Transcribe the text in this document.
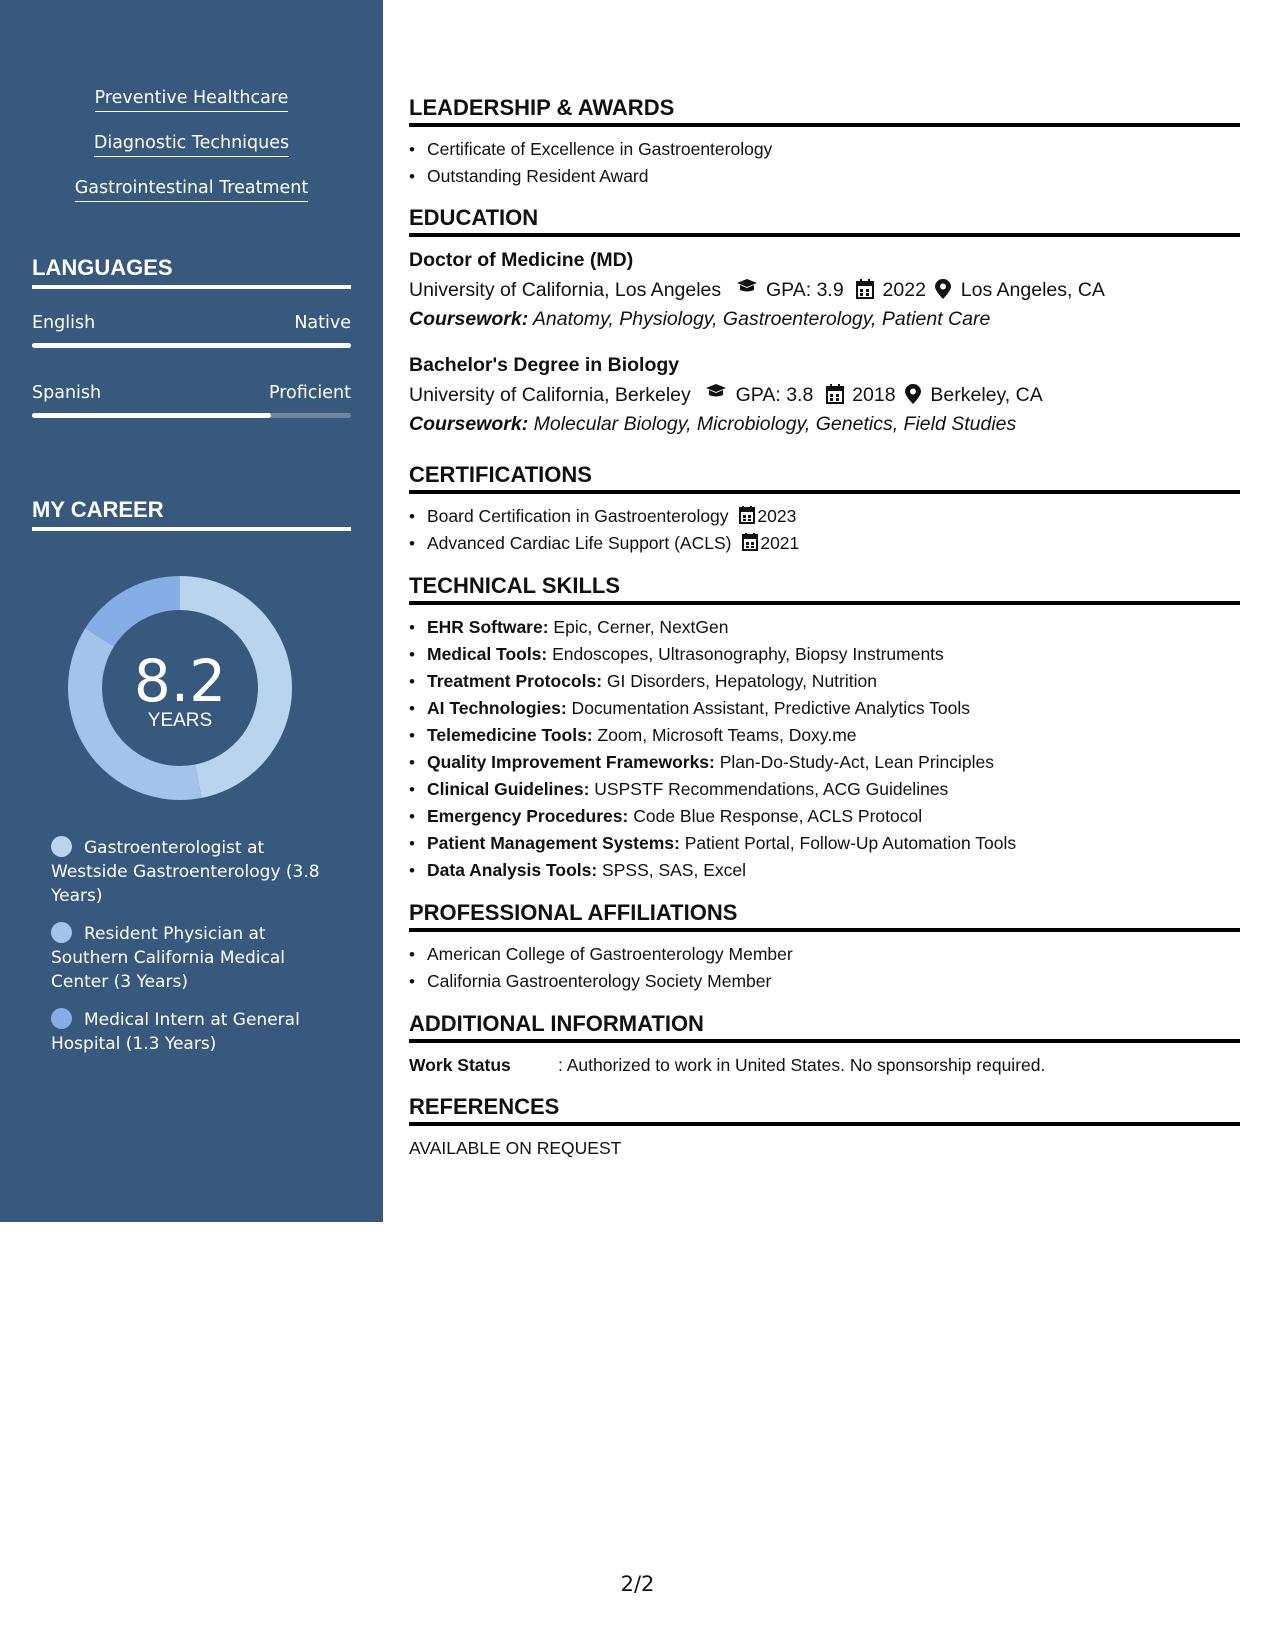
Preventive Healthcare
Diagnostic Techniques
Gastrointestinal Treatment
LANGUAGES
English	Native
Spanish	Proficient
MY CAREER
8.2
YEARS
Gastroenterologist at Westside Gastroenterology (3.8 Years)
Resident Physician at Southern California Medical Center (3 Years)
Medical Intern at General Hospital (1.3 Years)
LEADERSHIP & AWARDS
• Certificate of Excellence in Gastroenterology
• Outstanding Resident Award
EDUCATION
Doctor of Medicine (MD)
University of California, Los Angeles GPA: 3.9 2022 Los Angeles, CA
Coursework: Anatomy, Physiology, Gastroenterology, Patient Care
Bachelor's Degree in Biology
University of California, Berkeley GPA: 3.8 2018 Berkeley, CA
Coursework: Molecular Biology, Microbiology, Genetics, Field Studies
CERTIFICATIONS
• Board Certification in Gastroenterology 2023
• Advanced Cardiac Life Support (ACLS) 2021
TECHNICAL SKILLS
• EHR Software: Epic, Cerner, NextGen
• Medical Tools: Endoscopes, Ultrasonography, Biopsy Instruments
• Treatment Protocols: GI Disorders, Hepatology, Nutrition
• AI Technologies: Documentation Assistant, Predictive Analytics Tools
• Telemedicine Tools: Zoom, Microsoft Teams, Doxy.me
• Quality Improvement Frameworks: Plan-Do-Study-Act, Lean Principles
• Clinical Guidelines: USPSTF Recommendations, ACG Guidelines
• Emergency Procedures: Code Blue Response, ACLS Protocol
• Patient Management Systems: Patient Portal, Follow-Up Automation Tools
• Data Analysis Tools: SPSS, SAS, Excel
PROFESSIONAL AFFILIATIONS
• American College of Gastroenterology Member
• California Gastroenterology Society Member
ADDITIONAL INFORMATION
•
Work Status	: Authorized to work in United States. No sponsorship required.
REFERENCES
AVAILABLE ON REQUEST
2/2
